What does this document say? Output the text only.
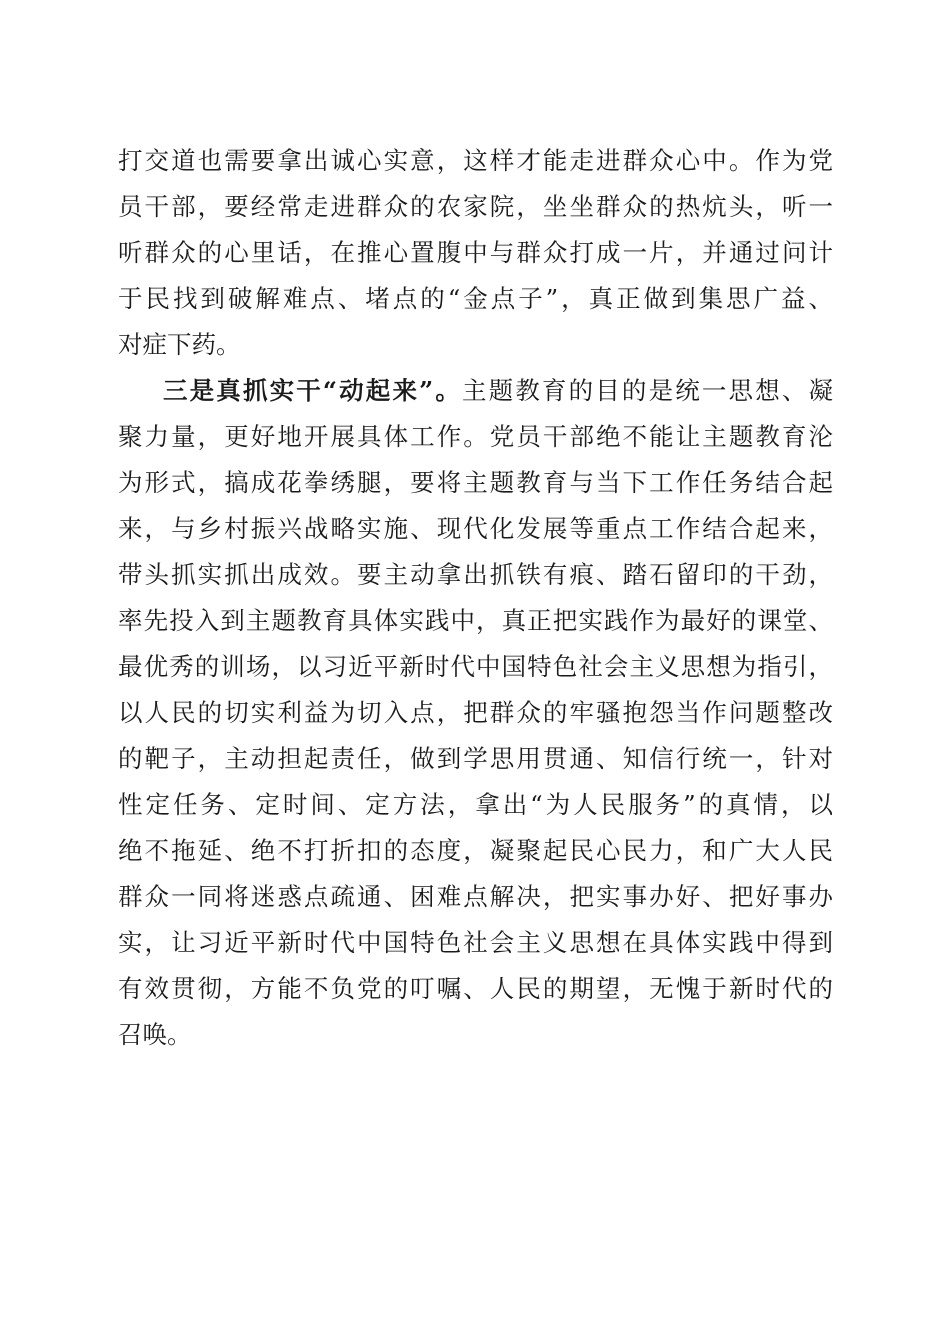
打交道也需要拿出诚心实意，这样才能走进群众心中。作为党
员干部，要经常走进群众的农家院，坐坐群众的热炕头，听一
听群众的心里话，在推心置腹中与群众打成一片，并通过问计
于民找到破解难点、堵点的“金点子”，真正做到集思广益、
对症下药。
三是真抓实干“动起来”。主题教育的目的是统一思想、凝
聚力量，更好地开展具体工作。党员干部绝不能让主题教育沦
为形式，搞成花拳绣腿，要将主题教育与当下工作任务结合起
来，与乡村振兴战略实施、现代化发展等重点工作结合起来，
带头抓实抓出成效。要主动拿出抓铁有痕、踏石留印的干劲，
率先投入到主题教育具体实践中，真正把实践作为最好的课堂、
最优秀的训场，以习近平新时代中国特色社会主义思想为指引，
以人民的切实利益为切入点，把群众的牢骚抱怨当作问题整改
的靶子，主动担起责任，做到学思用贯通、知信行统一，针对
性定任务、定时间、定方法，拿出“为人民服务”的真情，以
绝不拖延、绝不打折扣的态度，凝聚起民心民力，和广大人民
群众一同将迷惑点疏通、困难点解决，把实事办好、把好事办
实，让习近平新时代中国特色社会主义思想在具体实践中得到
有效贯彻，方能不负党的叮嘱、人民的期望，无愧于新时代的
召唤。
